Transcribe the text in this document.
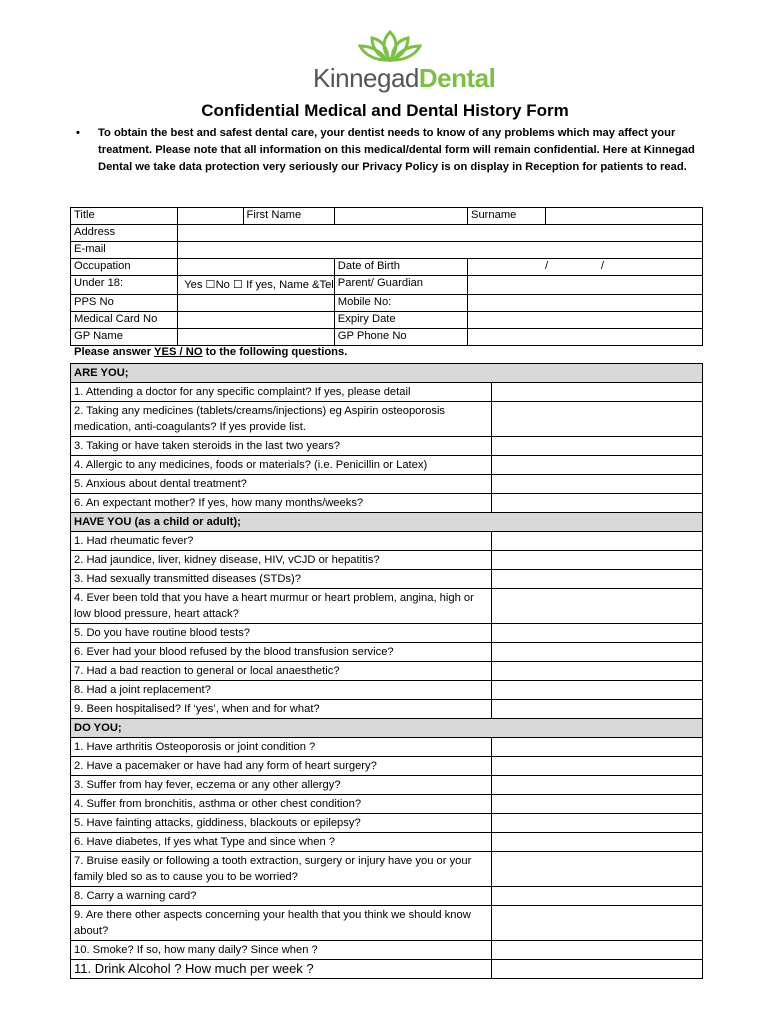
KinnegadDental
Confidential Medical and Dental History Form
• To obtain the best and safest dental care, your dentist needs to know of any problems which may affect your treatment. Please note that all information on this medical/dental form will remain confidential. Here at Kinnegad Dental we take data protection very seriously our Privacy Policy is on display in Reception for patients to read.
Title		First Name		Surname	
Address					
E-mail					
Occupation			Date of Birth	/                 /	
Under 18:	Yes ☐No ☐ If yes, Name &Tel		Parent/ Guardian		
PPS No			Mobile No:		
Medical Card No			Expiry Date		
GP Name			GP Phone No		
Please answer YES / NO to the following questions.
ARE YOU;	
1. Attending a doctor for any specific complaint? If yes, please detail	
2. Taking any medicines (tablets/creams/injections) eg Aspirin osteoporosis medication, anti-coagulants? If yes provide list.	
3. Taking or have taken steroids in the last two years?	
4. Allergic to any medicines, foods or materials? (i.e. Penicillin or Latex)	
5. Anxious about dental treatment?	
6. An expectant mother? If yes, how many months/weeks?	
HAVE YOU (as a child or adult);	
1. Had rheumatic fever?	
2. Had jaundice, liver, kidney disease, HIV, vCJD or hepatitis?	
3. Had sexually transmitted diseases (STDs)?	
4. Ever been told that you have a heart murmur or heart problem, angina, high or low blood pressure, heart attack?	
5. Do you have routine blood tests?	
6. Ever had your blood refused by the blood transfusion service?	
7. Had a bad reaction to general or local anaesthetic?	
8. Had a joint replacement?	
9. Been hospitalised? If ‘yes’, when and for what?	
DO YOU;	
1. Have arthritis Osteoporosis or joint condition ?	
2. Have a pacemaker or have had any form of heart surgery?	
3. Suffer from hay fever, eczema or any other allergy?	
4. Suffer from bronchitis, asthma or other chest condition?	
5. Have fainting attacks, giddiness, blackouts or epilepsy?	
6. Have diabetes, If yes what Type and since when ?	
7. Bruise easily or following a tooth extraction, surgery or injury have you or your family bled so as to cause you to be worried?	
8. Carry a warning card?	
9. Are there other aspects concerning your health that you think we should know about?	
10. Smoke? If so, how many daily? Since when ?	
11. Drink Alcohol ? How much per week ?	
